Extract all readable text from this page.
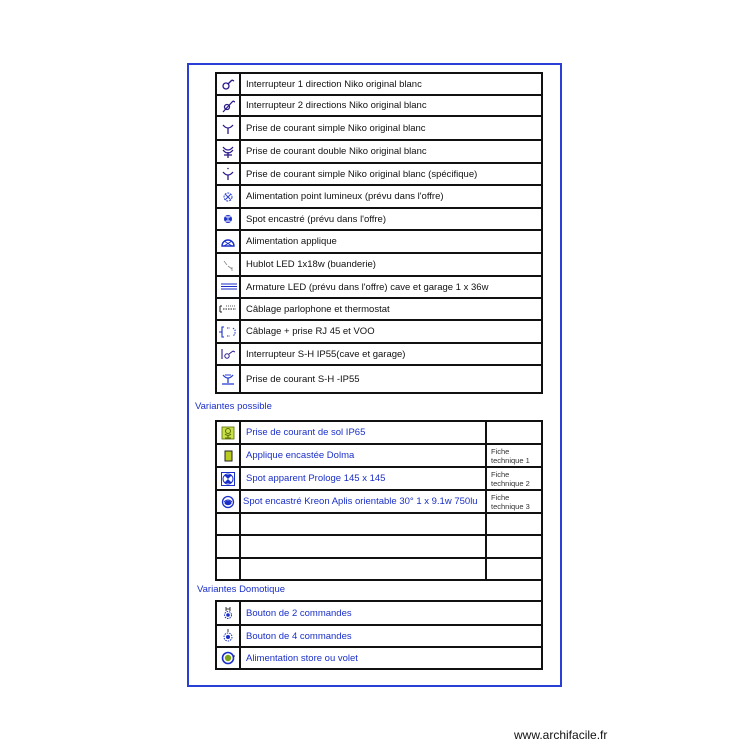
	Interrupteur 1 direction Niko original blanc
	Interrupteur 2 directions Niko original blanc
	Prise de courant simple Niko original blanc
	Prise de courant double Niko original blanc
	Prise de courant simple Niko original blanc (spécifique)
	Alimentation point lumineux (prévu dans l'offre)
	Spot encastré (prévu dans l'offre)
	Alimentation applique
	Hublot LED 1x18w (buanderie)
	Armature LED (prévu dans l'offre) cave et garage 1 x 36w
	Câblage parlophone et thermostat
	Câblage + prise RJ 45 et VOO
	Interrupteur S-H IP55(cave et garage)
	Prise de courant S-H -IP55
Variantes possible
	Prise de courant de sol IP65	
	Applique encastée Dolma	Fiche technique 1
	Spot apparent Prologe 145 x 145	Fiche technique 2
	Spot encastré Kreon Aplis orientable 30° 1 x 9.1w 750lu	Fiche technique 3

Variantes Domotique
	Bouton de 2 commandes
	Bouton de 4 commandes
	Alimentation store ou volet
www.archifacile.fr
